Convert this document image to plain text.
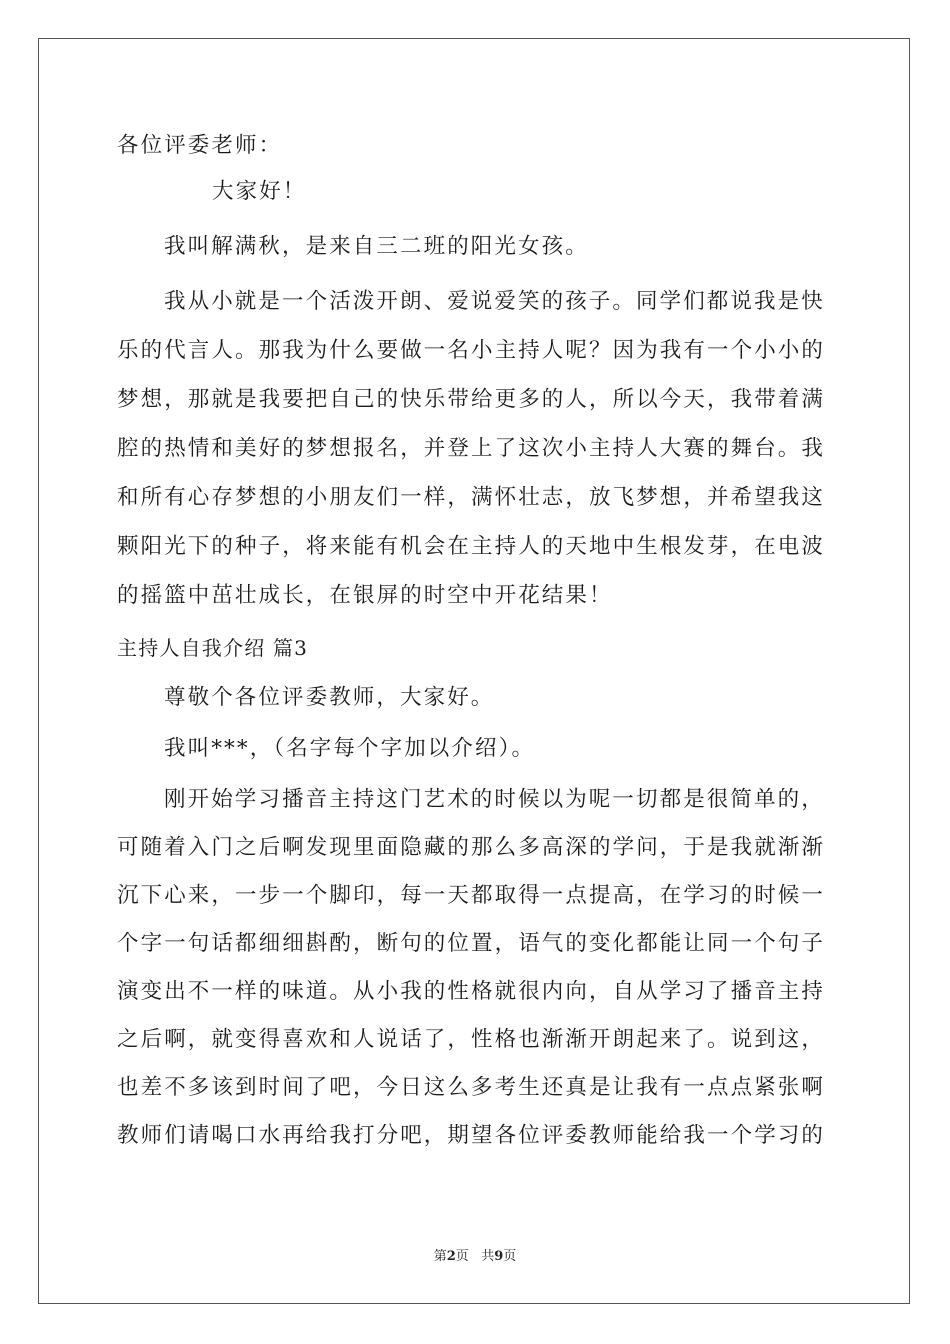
各位评委老师：
大家好！
我叫解满秋，是来自三二班的阳光女孩。
我从小就是一个活泼开朗、爱说爱笑的孩子。同学们都说我是快
乐的代言人。那我为什么要做一名小主持人呢？因为我有一个小小的
梦想，那就是我要把自己的快乐带给更多的人，所以今天，我带着满
腔的热情和美好的梦想报名，并登上了这次小主持人大赛的舞台。我
和所有心存梦想的小朋友们一样，满怀壮志，放飞梦想，并希望我这
颗阳光下的种子，将来能有机会在主持人的天地中生根发芽，在电波
的摇篮中茁壮成长，在银屏的时空中开花结果！
主持人自我介绍 篇3
尊敬个各位评委教师，大家好。
我叫***，（名字每个字加以介绍）。
刚开始学习播音主持这门艺术的时候以为呢一切都是很简单的，
可随着入门之后啊发现里面隐藏的那么多高深的学问，于是我就渐渐
沉下心来，一步一个脚印，每一天都取得一点提高，在学习的时候一
个字一句话都细细斟酌，断句的位置，语气的变化都能让同一个句子
演变出不一样的味道。从小我的性格就很内向，自从学习了播音主持
之后啊，就变得喜欢和人说话了，性格也渐渐开朗起来了。说到这，
也差不多该到时间了吧，今日这么多考生还真是让我有一点点紧张啊
教师们请喝口水再给我打分吧，期望各位评委教师能给我一个学习的
第2页 共9页
